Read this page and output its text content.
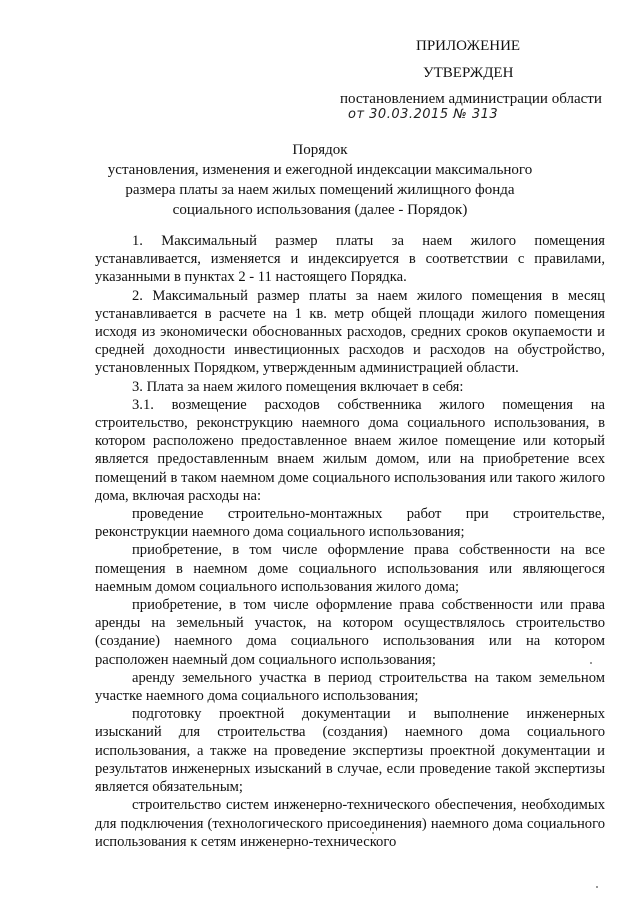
ПРИЛОЖЕНИЕ
УТВЕРЖДЕН
постановлением администрации области
от 30.03.2015 № 313
Порядок
установления, изменения и ежегодной индексации максимального
размера платы за наем жилых помещений жилищного фонда
социального использования (далее - Порядок)

1. Максимальный размер платы за наем жилого помещения устанавливается, изменяется и индексируется в соответствии с правилами, указанными в пунктах 2 - 11 настоящего Порядка.

2. Максимальный размер платы за наем жилого помещения в месяц устанавливается в расчете на 1 кв. метр общей площади жилого помещения исходя из экономически обоснованных расходов, средних сроков окупаемости и средней доходности инвестиционных расходов и расходов на обустройство, установленных Порядком, утвержденным администрацией области.

3. Плата за наем жилого помещения включает в себя:

3.1. возмещение расходов собственника жилого помещения на строительство, реконструкцию наемного дома социального использования, в котором расположено предоставленное внаем жилое помещение или который является предоставленным внаем жилым домом, или на приобретение всех помещений в таком наемном доме социального использования или такого жилого дома, включая расходы на:

проведение строительно-монтажных работ при строительстве, реконструкции наемного дома социального использования;

приобретение, в том числе оформление права собственности на все помещения в наемном доме социального использования или являющегося наемным домом социального использования жилого дома;

приобретение, в том числе оформление права собственности или права аренды на земельный участок, на котором осуществлялось строительство (создание) наемного дома социального использования или на котором расположен наемный дом социального использования;

аренду земельного участка в период строительства на таком земельном участке наемного дома социального использования;

подготовку проектной документации и выполнение инженерных изысканий для строительства (создания) наемного дома социального использования, а также на проведение экспертизы проектной документации и результатов инженерных изысканий в случае, если проведение такой экспертизы является обязательным;

строительство систем инженерно-технического обеспечения, необходимых для подключения (технологического присоединения) наемного дома социального использования к сетям инженерно-технического
